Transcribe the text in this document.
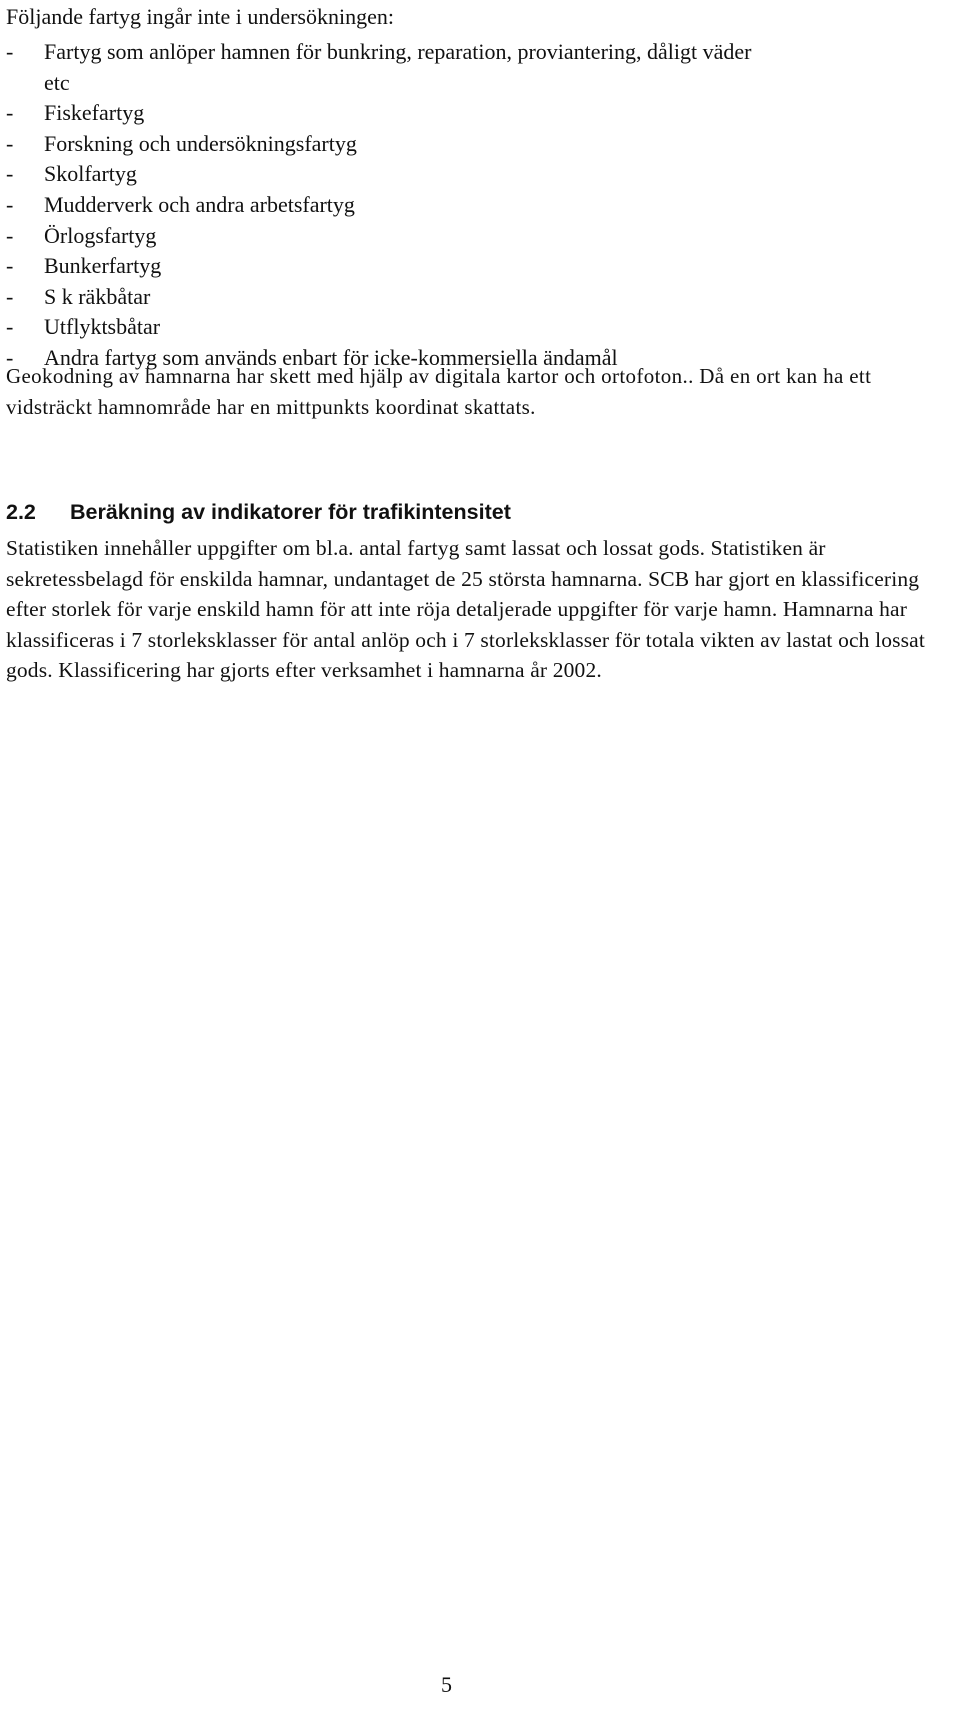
Följande fartyg ingår inte i undersökningen:
- Fartyg som anlöper hamnen för bunkring, reparation, proviantering, dåligt väder etc
- Fiskefartyg
- Forskning och undersökningsfartyg
- Skolfartyg
- Mudderverk och andra arbetsfartyg
- Örlogsfartyg
- Bunkerfartyg
- S k räkbåtar
- Utflyktsbåtar
- Andra fartyg som används enbart för icke-kommersiella ändamål

Geokodning av hamnarna har skett med hjälp av digitala kartor och ortofoton.. Då en ort kan ha ett vidsträckt hamnområde har en mittpunkts koordinat skattats.

2.2 Beräkning av indikatorer för trafikintensitet

Statistiken innehåller uppgifter om bl.a. antal fartyg samt lassat och lossat gods. Statistiken är sekretessbelagd för enskilda hamnar, undantaget de 25 största hamnarna. SCB har gjort en klassificering efter storlek för varje enskild hamn för att inte röja detaljerade uppgifter för varje hamn. Hamnarna har klassificeras i 7 storleksklasser för antal anlöp och i 7 storleksklasser för totala vikten av lastat och lossat gods. Klassificering har gjorts efter verksamhet i hamnarna år 2002.

5
